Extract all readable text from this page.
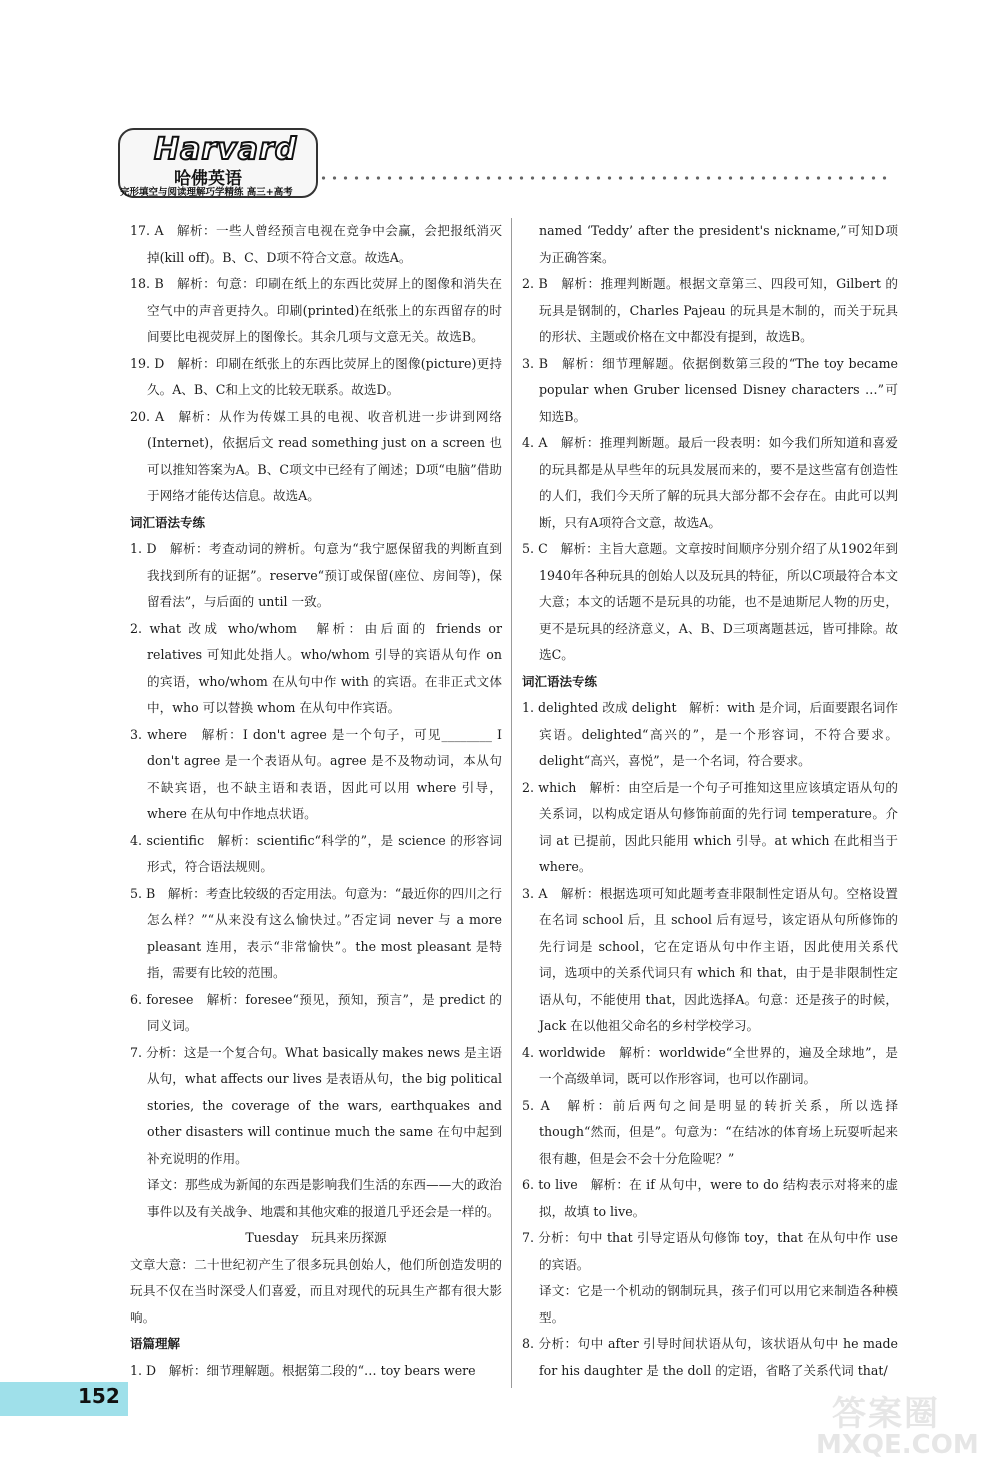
Harvard
哈佛英语
完形填空与阅读理解巧学精练 高三+高考

17. A　解析：一些人曾经预言电视在竞争中会赢，会把报纸消灭掉(kill off)。B、C、D项不符合文意。故选A。

18. B　解析：句意：印刷在纸上的东西比荧屏上的图像和消失在空气中的声音更持久。印刷(printed)在纸张上的东西留存的时间要比电视荧屏上的图像长。其余几项与文意无关。故选B。

19. D　解析：印刷在纸张上的东西比荧屏上的图像(picture)更持久。A、B、C和上文的比较无联系。故选D。

20. A　解析：从作为传媒工具的电视、收音机进一步讲到网络(Internet)，依据后文 read something just on a screen 也可以推知答案为A。B、C项文中已经有了阐述；D项“电脑”借助于网络才能传达信息。故选A。

词汇语法专练

1. D　解析：考查动词的辨析。句意为“我宁愿保留我的判断直到我找到所有的证据”。reserve“预订或保留(座位、房间等)，保留看法”，与后面的 until 一致。

2. what 改成 who/whom　解析：由后面的 friends or relatives 可知此处指人。who/whom 引导的宾语从句作 on 的宾语，who/whom 在从句中作 with 的宾语。在非正式文体中，who 可以替换 whom 在从句中作宾语。

3. where　解析：I don't agree 是一个句子，可见________ I don't agree 是一个表语从句。agree 是不及物动词，本从句不缺宾语，也不缺主语和表语，因此可以用 where 引导，where 在从句中作地点状语。

4. scientific　解析：scientific“科学的”，是 science 的形容词形式，符合语法规则。

5. B　解析：考查比较级的否定用法。句意为：“最近你的四川之行怎么样？”“从来没有这么愉快过。”否定词 never 与 a more pleasant 连用，表示“非常愉快”。the most pleasant 是特指，需要有比较的范围。

6. foresee　解析：foresee“预见，预知，预言”，是 predict 的同义词。

7. 分析：这是一个复合句。What basically makes news 是主语从句，what affects our lives 是表语从句，the big political stories, the coverage of the wars, earthquakes and other disasters will continue much the same 在句中起到补充说明的作用。

译文：那些成为新闻的东西是影响我们生活的东西——大的政治事件以及有关战争、地震和其他灾难的报道几乎还会是一样的。

Tuesday　玩具来历探源

文章大意：二十世纪初产生了很多玩具创始人，他们所创造发明的玩具不仅在当时深受人们喜爱，而且对现代的玩具生产都有很大影响。

语篇理解

1. D　解析：细节理解题。根据第二段的“… toy bears were

named ‘Teddy’ after the president's nickname,”可知D项为正确答案。

2. B　解析：推理判断题。根据文章第三、四段可知，Gilbert 的玩具是钢制的，Charles Pajeau 的玩具是木制的，而关于玩具的形状、主题或价格在文中都没有提到，故选B。

3. B　解析：细节理解题。依据倒数第三段的“The toy became popular when Gruber licensed Disney characters …”可知选B。

4. A　解析：推理判断题。最后一段表明：如今我们所知道和喜爱的玩具都是从早些年的玩具发展而来的，要不是这些富有创造性的人们，我们今天所了解的玩具大部分都不会存在。由此可以判断，只有A项符合文意，故选A。

5. C　解析：主旨大意题。文章按时间顺序分别介绍了从1902年到1940年各种玩具的创始人以及玩具的特征，所以C项最符合本文大意；本文的话题不是玩具的功能，也不是迪斯尼人物的历史，更不是玩具的经济意义，A、B、D三项离题甚远，皆可排除。故选C。

词汇语法专练

1. delighted 改成 delight　解析：with 是介词，后面要跟名词作宾语。delighted“高兴的”，是一个形容词，不符合要求。delight“高兴，喜悦”，是一个名词，符合要求。

2. which　解析：由空后是一个句子可推知这里应该填定语从句的关系词，以构成定语从句修饰前面的先行词 temperature。介词 at 已提前，因此只能用 which 引导。at which 在此相当于 where。

3. A　解析：根据选项可知此题考查非限制性定语从句。空格设置在名词 school 后，且 school 后有逗号，该定语从句所修饰的先行词是 school，它在定语从句中作主语，因此使用关系代词，选项中的关系代词只有 which 和 that，由于是非限制性定语从句，不能使用 that，因此选择A。句意：还是孩子的时候，Jack 在以他祖父命名的乡村学校学习。

4. worldwide　解析：worldwide“全世界的，遍及全球地”，是一个高级单词，既可以作形容词，也可以作副词。

5. A　解析：前后两句之间是明显的转折关系，所以选择 though“然而，但是”。句意为：“在结冰的体育场上玩耍听起来很有趣，但是会不会十分危险呢？”

6. to live　解析：在 if 从句中，were to do 结构表示对将来的虚拟，故填 to live。

7. 分析：句中 that 引导定语从句修饰 toy，that 在从句中作 use 的宾语。

译文：它是一个机动的钢制玩具，孩子们可以用它来制造各种模型。

8. 分析：句中 after 引导时间状语从句，该状语从句中 he made for his daughter 是 the doll 的定语，省略了关系代词 that/

152	答案圈
MXQE.COM
